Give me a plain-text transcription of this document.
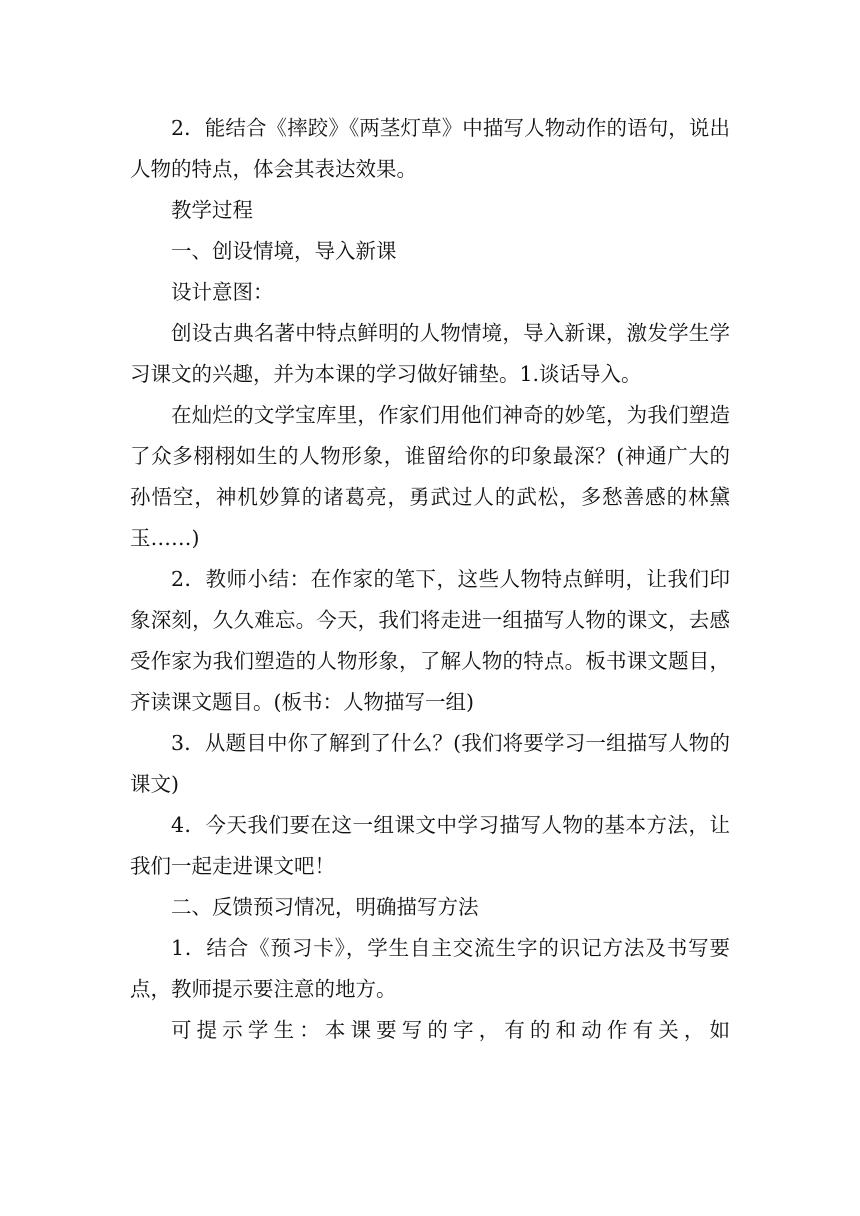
2．能结合《摔跤》《两茎灯草》中描写人物动作的语句，说出人物的特点，体会其表达效果。

教学过程

一、创设情境，导入新课

设计意图：

创设古典名著中特点鲜明的人物情境，导入新课，激发学生学习课文的兴趣，并为本课的学习做好铺垫。1.谈话导入。

在灿烂的文学宝库里，作家们用他们神奇的妙笔，为我们塑造了众多栩栩如生的人物形象，谁留给你的印象最深？(神通广大的孙悟空，神机妙算的诸葛亮，勇武过人的武松，多愁善感的林黛玉……)

2．教师小结：在作家的笔下，这些人物特点鲜明，让我们印象深刻，久久难忘。今天，我们将走进一组描写人物的课文，去感受作家为我们塑造的人物形象，了解人物的特点。板书课文题目，齐读课文题目。(板书：人物描写一组)

3．从题目中你了解到了什么？(我们将要学习一组描写人物的课文)

4．今天我们要在这一组课文中学习描写人物的基本方法，让我们一起走进课文吧！

二、反馈预习情况，明确描写方法

1．结合《预习卡》，学生自主交流生字的识记方法及书写要点，教师提示要注意的地方。

可提示学生：本课要写的字，有的和动作有关，如
